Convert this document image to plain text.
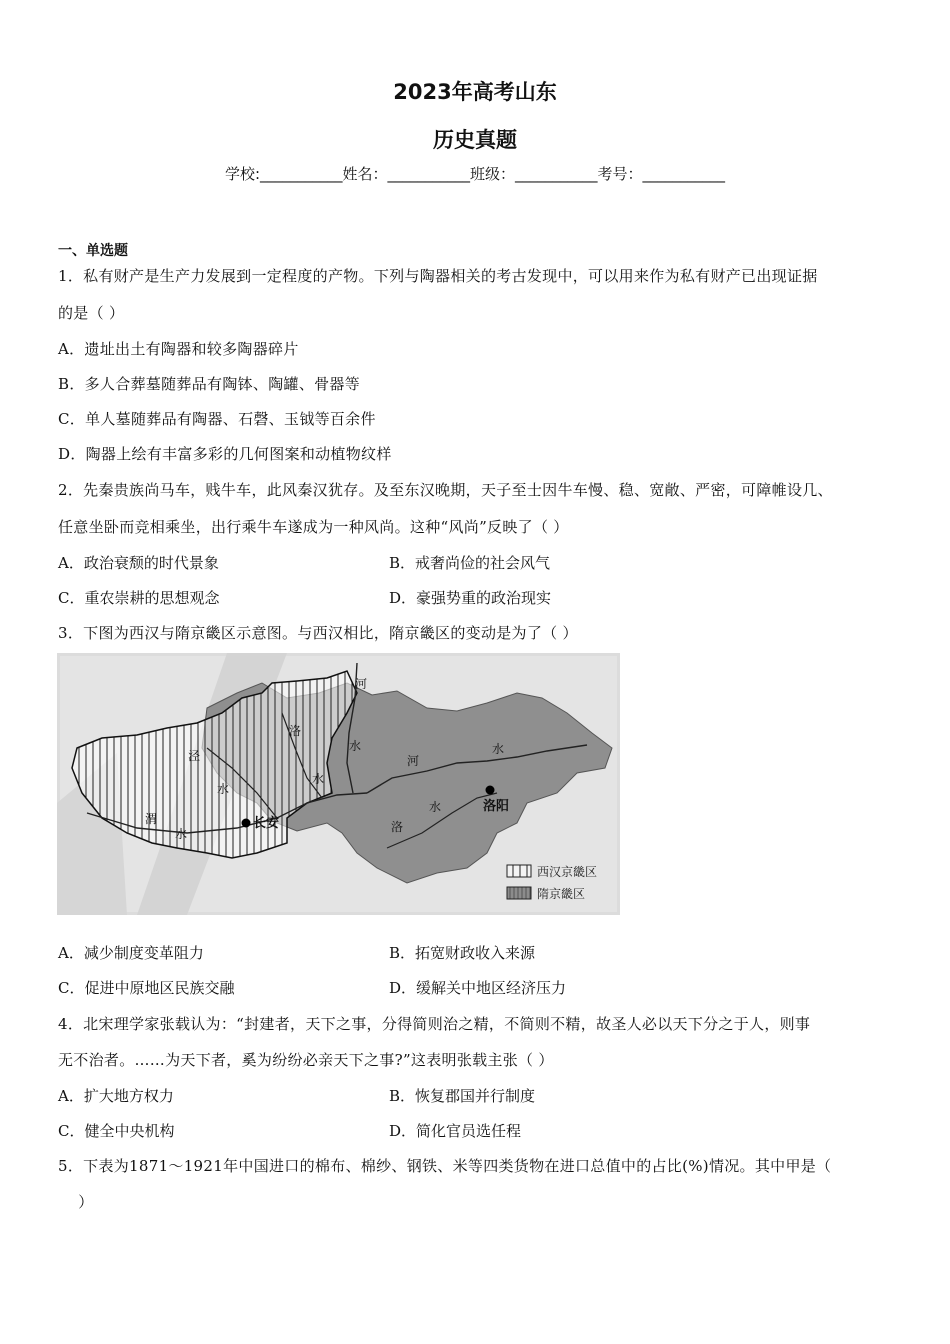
2023年高考山东
历史真题
学校:___________姓名：___________班级：___________考号：___________
一、单选题
1．私有财产是生产力发展到一定程度的产物。下列与陶器相关的考古发现中，可以用来作为私有财产已出现证据
的是（ ）
A．遗址出土有陶器和较多陶器碎片
B．多人合葬墓随葬品有陶钵、陶罐、骨器等
C．单人墓随葬品有陶器、石磬、玉钺等百余件
D．陶器上绘有丰富多彩的几何图案和动植物纹样
2．先秦贵族尚马车，贱牛车，此风秦汉犹存。及至东汉晚期，天子至士因牛车慢、稳、宽敞、严密，可障帷设几、
任意坐卧而竞相乘坐，出行乘牛车遂成为一种风尚。这种“风尚”反映了（ ）
A．政治衰颓的时代景象	B．戒奢尚俭的社会风气
C．重农崇耕的思想观念	D．豪强势重的政治现实
3．下图为西汉与隋京畿区示意图。与西汉相比，隋京畿区的变动是为了（ ）
河
洛
水
泾
水
水
渭
水
河
水
洛
水
长安
洛阳
西汉京畿区
隋京畿区
A．减少制度变革阻力	B．拓宽财政收入来源
C．促进中原地区民族交融	D．缓解关中地区经济压力
4．北宋理学家张载认为：“封建者，天下之事，分得简则治之精，不简则不精，故圣人必以天下分之于人，则事
无不治者。……为天下者，奚为纷纷必亲天下之事?”这表明张载主张（ ）
A．扩大地方权力	B．恢复郡国并行制度
C．健全中央机构	D．简化官员选任程
5．下表为1871～1921年中国进口的棉布、棉纱、钢铁、米等四类货物在进口总值中的占比(%)情况。其中甲是（
）
